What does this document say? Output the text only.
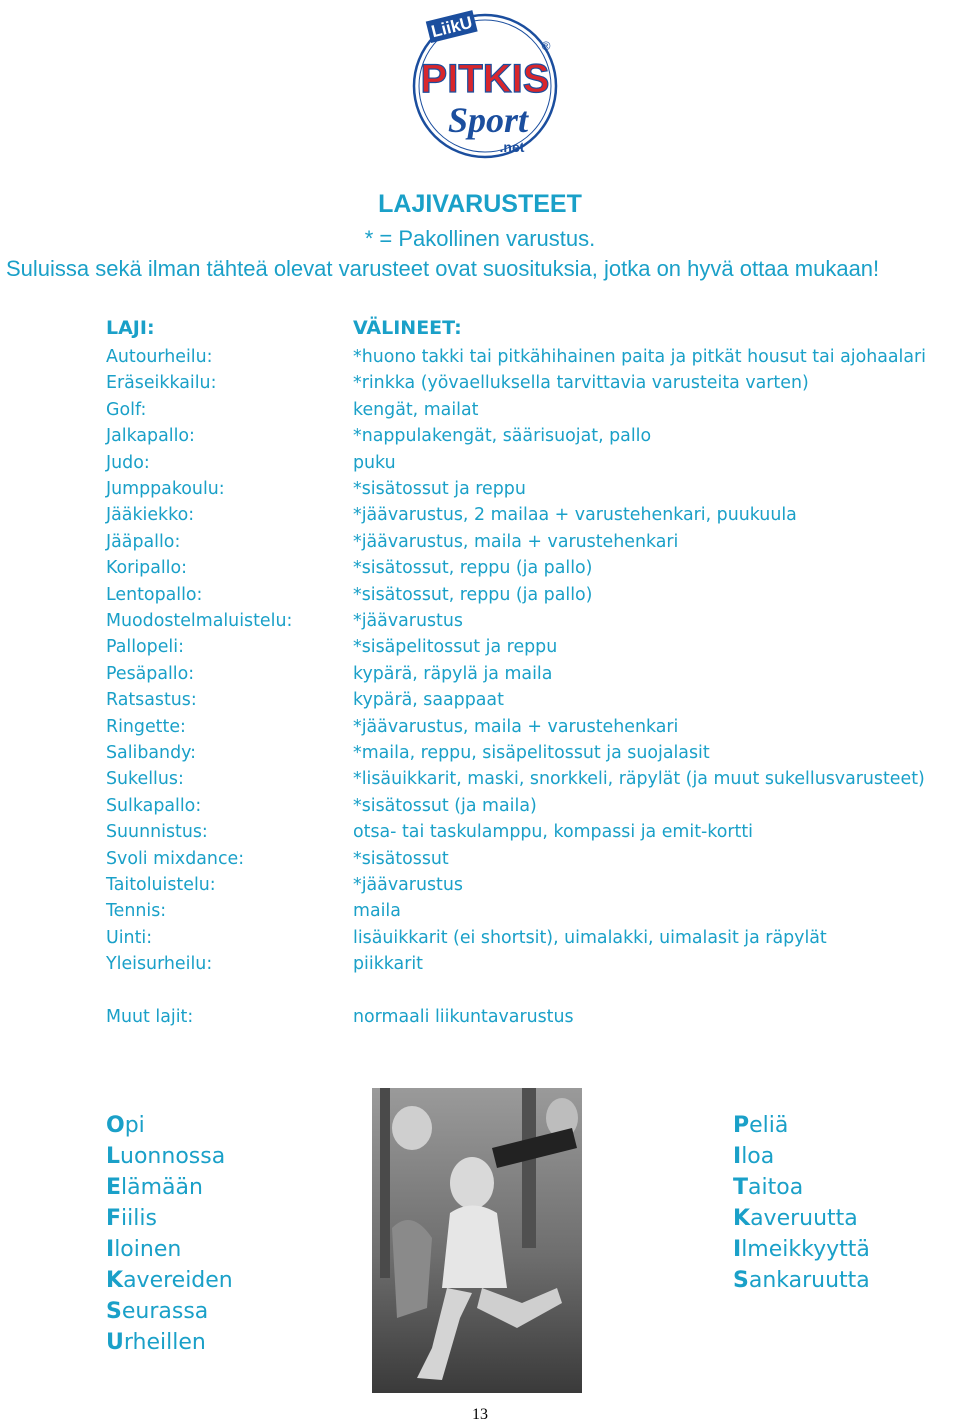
LiikU
PITKIS
Sport
.net
®
LAJIVARUSTEET
* = Pakollinen varustus.
Suluissa sekä ilman tähteä olevat varusteet ovat suosituksia, jotka on hyvä ottaa mukaan!
LAJI:	VÄLINEET:
Autourheilu:	*huono takki tai pitkähihainen paita ja pitkät housut tai ajohaalari
Eräseikkailu:	*rinkka (yövaelluksella tarvittavia varusteita varten)
Golf:	kengät, mailat
Jalkapallo:	*nappulakengät, säärisuojat, pallo
Judo:	puku
Jumppakoulu:	*sisätossut ja reppu
Jääkiekko:	*jäävarustus, 2 mailaa + varustehenkari, puukuula
Jääpallo:	*jäävarustus, maila + varustehenkari
Koripallo:	*sisätossut, reppu (ja pallo)
Lentopallo:	*sisätossut, reppu (ja pallo)
Muodostelmaluistelu:	*jäävarustus
Pallopeli:	*sisäpelitossut ja reppu
Pesäpallo:	kypärä, räpylä ja maila
Ratsastus:	kypärä, saappaat
Ringette:	*jäävarustus, maila + varustehenkari
Salibandy:	*maila, reppu, sisäpelitossut ja suojalasit
Sukellus:	*lisäuikkarit, maski, snorkkeli, räpylät (ja muut sukellusvarusteet)
Sulkapallo:	*sisätossut (ja maila)
Suunnistus:	otsa- tai taskulamppu, kompassi ja emit-kortti
Svoli mixdance:	*sisätossut
Taitoluistelu:	*jäävarustus
Tennis:	maila
Uinti:	lisäuikkarit (ei shortsit), uimalakki, uimalasit ja räpylät
Yleisurheilu:	piikkarit
Muut lajit:	normaali liikuntavarustus
Opi
Luonnossa
Elämään
Fiilis
Iloinen
Kavereiden
Seurassa
Urheillen
Peliä
Iloa
Taitoa
Kaveruutta
Ilmeikkyyttä
Sankaruutta
13
